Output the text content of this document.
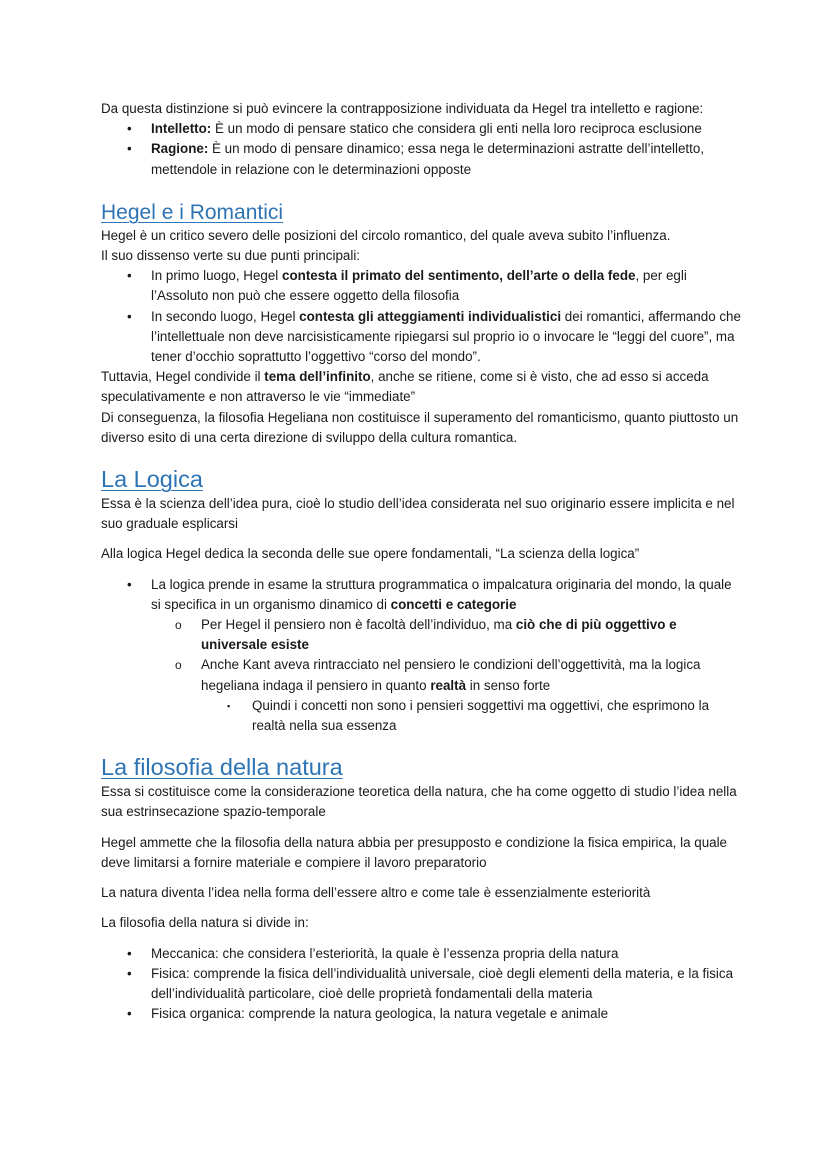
Da questa distinzione si può evincere la contrapposizione individuata da Hegel tra intelletto e ragione:

• Intelletto: È un modo di pensare statico che considera gli enti nella loro reciproca esclusione
• Ragione: È un modo di pensare dinamico; essa nega le determinazioni astratte dell’intelletto, mettendole in relazione con le determinazioni opposte
Hegel e i Romantici

Hegel è un critico severo delle posizioni del circolo romantico, del quale aveva subito l’influenza.

Il suo dissenso verte su due punti principali:

• In primo luogo, Hegel contesta il primato del sentimento, dell’arte o della fede, per egli l’Assoluto non può che essere oggetto della filosofia
• In secondo luogo, Hegel contesta gli atteggiamenti individualistici dei romantici, affermando che l’intellettuale non deve narcisisticamente ripiegarsi sul proprio io o invocare le “leggi del cuore”, ma tener d’occhio soprattutto l’oggettivo “corso del mondo”.

Tuttavia, Hegel condivide il tema dell’infinito, anche se ritiene, come si è visto, che ad esso si acceda speculativamente e non attraverso le vie “immediate”

Di conseguenza, la filosofia Hegeliana non costituisce il superamento del romanticismo, quanto piuttosto un diverso esito di una certa direzione di sviluppo della cultura romantica.

La Logica

Essa è la scienza dell’idea pura, cioè lo studio dell’idea considerata nel suo originario essere implicita e nel suo graduale esplicarsi

Alla logica Hegel dedica la seconda delle sue opere fondamentali, “La scienza della logica”

• La logica prende in esame la struttura programmatica o impalcatura originaria del mondo, la quale si specifica in un organismo dinamico di concetti e categorie
o Per Hegel il pensiero non è facoltà dell’individuo, ma ciò che di più oggettivo e universale esiste
o Anche Kant aveva rintracciato nel pensiero le condizioni dell’oggettività, ma la logica hegeliana indaga il pensiero in quanto realtà in senso forte
▪ Quindi i concetti non sono i pensieri soggettivi ma oggettivi, che esprimono la realtà nella sua essenza
La filosofia della natura

Essa si costituisce come la considerazione teoretica della natura, che ha come oggetto di studio l’idea nella sua estrinsecazione spazio-temporale

Hegel ammette che la filosofia della natura abbia per presupposto e condizione la fisica empirica, la quale deve limitarsi a fornire materiale e compiere il lavoro preparatorio

La natura diventa l’idea nella forma dell’essere altro e come tale è essenzialmente esteriorità

La filosofia della natura si divide in:

• Meccanica: che considera l’esteriorità, la quale è l’essenza propria della natura
• Fisica: comprende la fisica dell’individualità universale, cioè degli elementi della materia, e la fisica dell’individualità particolare, cioè delle proprietà fondamentali della materia
• Fisica organica: comprende la natura geologica, la natura vegetale e animale
